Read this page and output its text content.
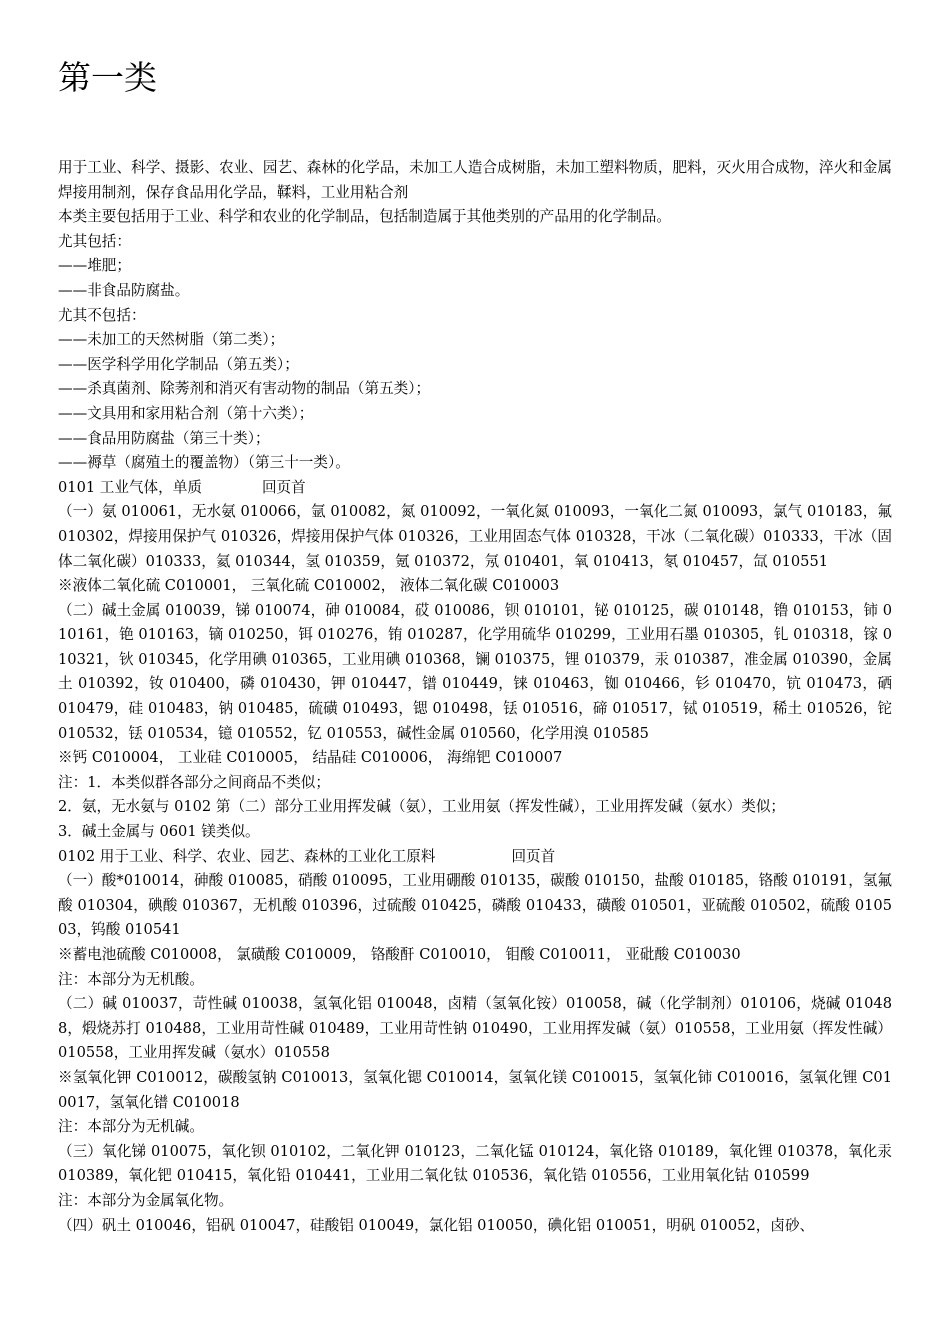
第一类

用于工业、科学、摄影、农业、园艺、森林的化学品，未加工人造合成树脂，未加工塑料物质，肥料，灭火用合成物，淬火和金属焊接用制剂，保存食品用化学品，鞣料，工业用粘合剂

本类主要包括用于工业、科学和农业的化学制品，包括制造属于其他类别的产品用的化学制品。

尤其包括：

——堆肥；

——非食品防腐盐。

尤其不包括：

——未加工的天然树脂（第二类）；

——医学科学用化学制品（第五类）；

——杀真菌剂、除莠剂和消灭有害动物的制品（第五类）；

——文具用和家用粘合剂（第十六类）；

——食品用防腐盐（第三十类）；

——褥草（腐殖土的覆盖物）（第三十一类）。

0101 工业气体，单质	回页首

（一）氨 010061，无水氨 010066，氩 010082，氮 010092，一氧化氮 010093，一氧化二氮 010093，氯气 010183，氟 010302，焊接用保护气 010326，焊接用保护气体 010326，工业用固态气体 010328，干冰（二氧化碳）010333，干冰（固体二氧化碳）010333，氦 010344，氢 010359，氪 010372，氖 010401，氧 010413，氡 010457，氙 010551

※液体二氧化硫 C010001， 三氧化硫 C010002， 液体二氧化碳 C010003

（二）碱土金属 010039，锑 010074，砷 010084，砹 010086，钡 010101，铋 010125，碳 010148，镥 010153，铈 010161，铯 010163，镝 010250，铒 010276，铕 010287，化学用硫华 010299，工业用石墨 010305，钆 010318，镓 010321，钬 010345，化学用碘 010365，工业用碘 010368，镧 010375，锂 010379，汞 010387，准金属 010390，金属土 010392，钕 010400，磷 010430，钾 010447，镨 010449，铼 010463，铷 010466，钐 010470，钪 010473，硒 010479，硅 010483，钠 010485，硫磺 010493，锶 010498，铥 010516，碲 010517，铽 010519，稀土 010526，铊 010532，铥 010534，镱 010552，钇 010553，碱性金属 010560，化学用溴 010585

※钙 C010004， 工业硅 C010005， 结晶硅 C010006， 海绵钯 C010007

注：1．本类似群各部分之间商品不类似；

2．氨，无水氨与 0102 第（二）部分工业用挥发碱（氨），工业用氨（挥发性碱），工业用挥发碱（氨水）类似；

3．碱土金属与 0601 镁类似。

0102 用于工业、科学、农业、园艺、森林的工业化工原料	回页首

（一）酸*010014，砷酸 010085，硝酸 010095，工业用硼酸 010135，碳酸 010150，盐酸 010185，铬酸 010191，氢氟酸 010304，碘酸 010367，无机酸 010396，过硫酸 010425，磷酸 010433，磺酸 010501，亚硫酸 010502，硫酸 010503，钨酸 010541

※蓄电池硫酸 C010008， 氯磺酸 C010009， 铬酸酐 C010010， 钼酸 C010011， 亚砒酸 C010030

注：本部分为无机酸。

（二）碱 010037，苛性碱 010038，氢氧化铝 010048，卤精（氢氧化铵）010058，碱（化学制剂）010106，烧碱 010488，煅烧苏打 010488，工业用苛性碱 010489，工业用苛性钠 010490，工业用挥发碱（氨）010558，工业用氨（挥发性碱）010558，工业用挥发碱（氨水）010558

※氢氧化钾 C010012，碳酸氢钠 C010013，氢氧化锶 C010014，氢氧化镁 C010015，氢氧化铈 C010016，氢氧化锂 C010017，氢氧化镨 C010018

注：本部分为无机碱。

（三）氧化锑 010075，氧化钡 010102，二氧化钾 010123，二氧化锰 010124，氧化铬 010189，氧化锂 010378，氧化汞 010389，氧化钯 010415，氧化铅 010441，工业用二氧化钛 010536，氧化锆 010556，工业用氧化钴 010599

注：本部分为金属氧化物。

（四）矾土 010046，铝矾 010047，硅酸铝 010049，氯化铝 010050，碘化铝 010051，明矾 010052，卤砂、
